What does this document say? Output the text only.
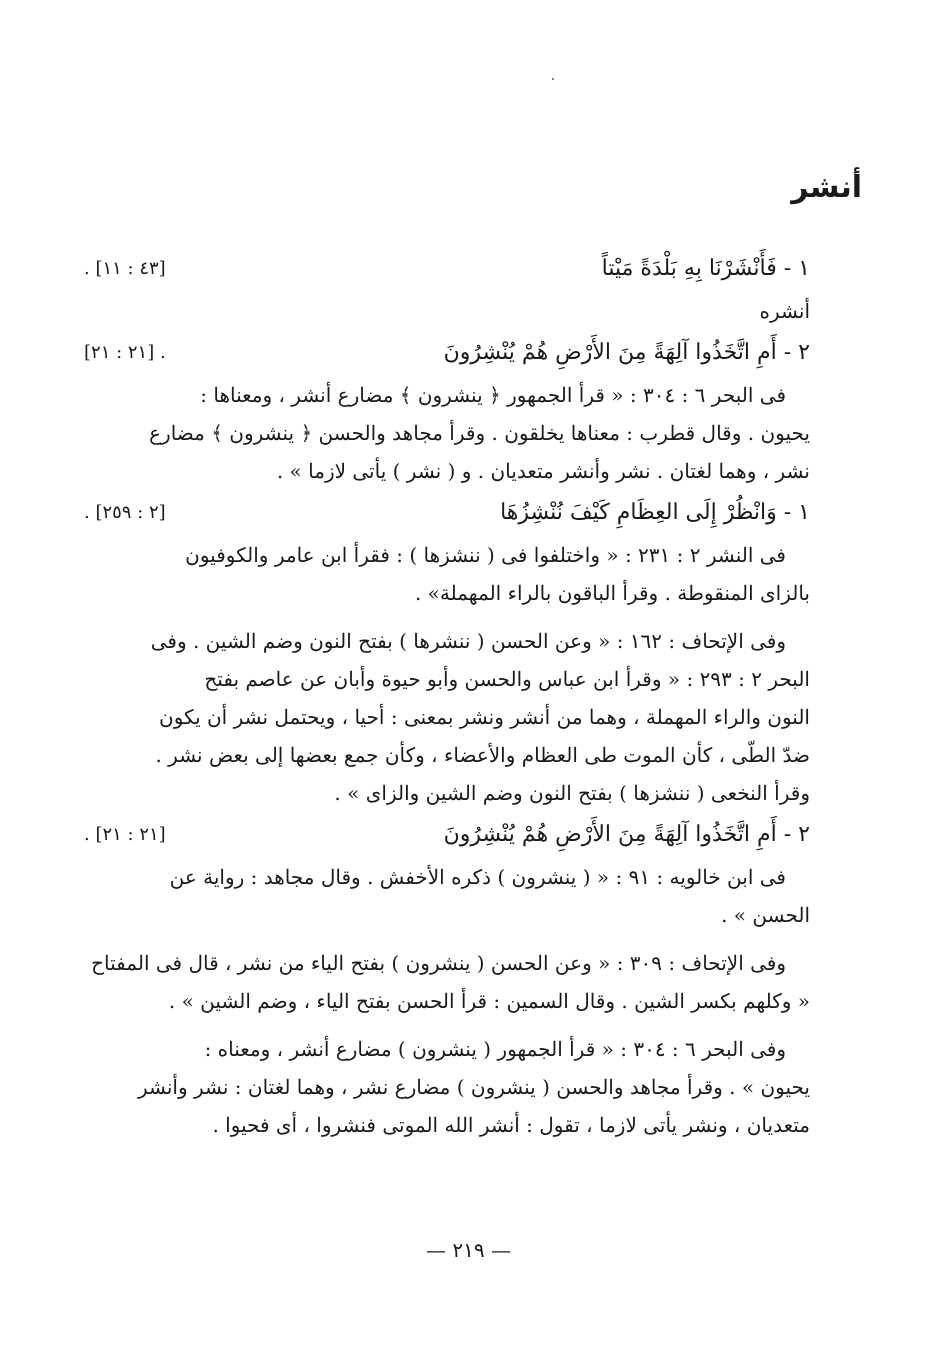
أنشر
١ - فَأَنْشَرْنَا بِهِ بَلْدَةً مَيْتاً
. [٤٣ : ١١]
أنشره
٢ - أَمِ اتَّخَذُوا آلِهَةً مِنَ الأَرْضِ هُمْ يُنْشِرُونَ
[٢١ : ٢١] .
فى البحر ٦ : ٣٠٤ : « قرأ الجمهور ﴿ ينشرون ﴾ مضارع أنشر ، ومعناها :
يحيون . وقال قطرب : معناها يخلقون . وقرأ مجاهد والحسن ﴿ ينشرون ﴾ مضارع
نشر ، وهما لغتان . نشر وأنشر متعديان . و ( نشر ) يأتى لازما » .
١ - وَانْظُرْ إِلَى العِظَامِ كَيْفَ نُنْشِزُهَا
. [٢ : ٢٥٩]
فى النشر ٢ : ٢٣١ : « واختلفوا فى ( ننشزها ) : فقرأ ابن عامر والكوفيون
بالزاى المنقوطة . وقرأ الباقون بالراء المهملة» .
وفى الإتحاف : ١٦٢ : « وعن الحسن ( ننشرها ) بفتح النون وضم الشين . وفى
البحر ٢ : ٢٩٣ : « وقرأ ابن عباس والحسن وأبو حيوة وأبان عن عاصم بفتح
النون والراء المهملة ، وهما من أنشر ونشر بمعنى : أحيا ، ويحتمل نشر أن يكون
ضدّ الطّى ، كأن الموت طى العظام والأعضاء ، وكأن جمع بعضها إلى بعض نشر .
وقرأ النخعى ( ننشزها ) بفتح النون وضم الشين والزاى » .
٢ - أَمِ اتَّخَذُوا آلِهَةً مِنَ الأَرْضِ هُمْ يُنْشِرُونَ
. [٢١ : ٢١]
فى ابن خالويه : ٩١ : « ( ينشرون ) ذكره الأخفش . وقال مجاهد : رواية عن
الحسن » .
وفى الإتحاف : ٣٠٩ : « وعن الحسن ( ينشرون ) بفتح الياء من نشر ، قال فى المفتاح
« وكلهم بكسر الشين . وقال السمين : قرأ الحسن بفتح الياء ، وضم الشين » .
وفى البحر ٦ : ٣٠٤ : « قرأ الجمهور ( ينشرون ) مضارع أنشر ، ومعناه :
يحيون » . وقرأ مجاهد والحسن ( ينشرون ) مضارع نشر ، وهما لغتان : نشر وأنشر
متعديان ، ونشر يأتى لازما ، تقول : أنشر الله الموتى فنشروا ، أى فحيوا .
— ٢١٩ —
